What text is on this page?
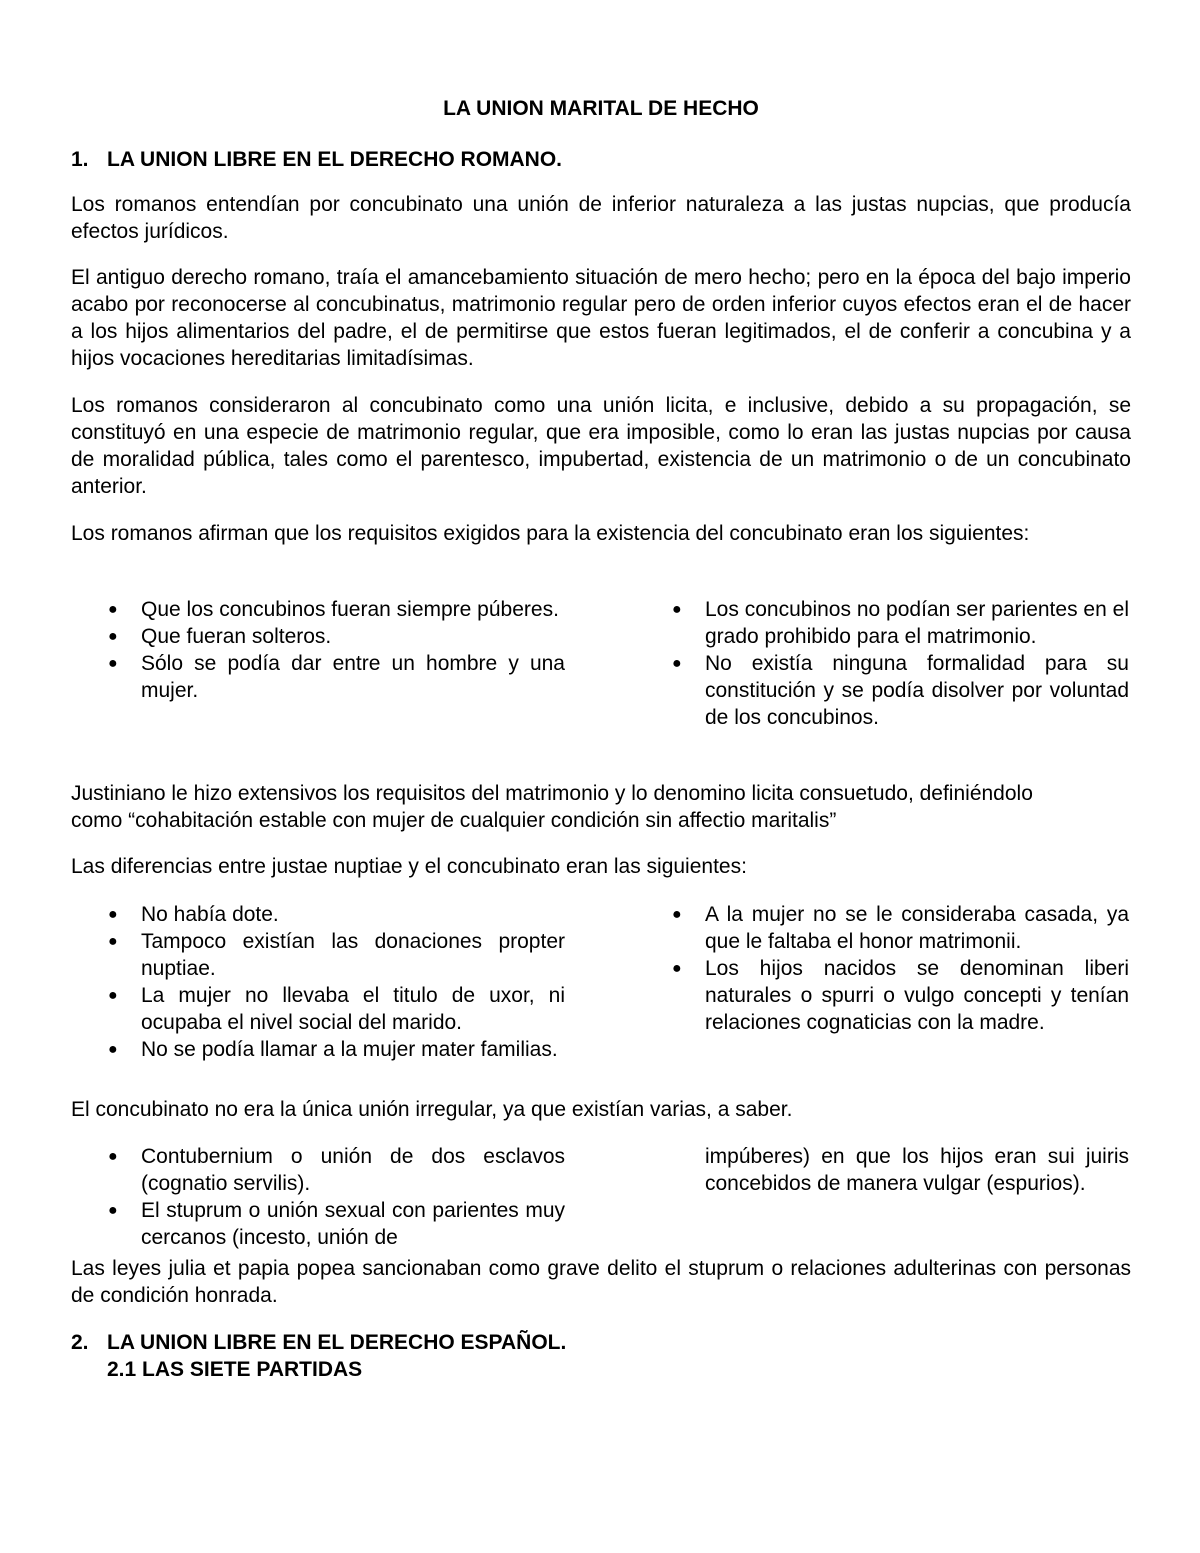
LA UNION MARITAL DE HECHO
1. LA UNION LIBRE EN EL DERECHO ROMANO.
Los romanos entendían por concubinato una unión de inferior naturaleza a las justas nupcias, que producía efectos jurídicos.
El antiguo derecho romano, traía el amancebamiento situación de mero hecho; pero en la época del bajo imperio acabo por reconocerse al concubinatus, matrimonio regular pero de orden inferior cuyos efectos eran el de hacer a los hijos alimentarios del padre, el de permitirse que estos fueran legitimados, el de conferir a concubina y a hijos vocaciones hereditarias limitadísimas.
Los romanos consideraron al concubinato como una unión licita, e inclusive, debido a su propagación, se constituyó en una especie de matrimonio regular, que era imposible, como lo eran las justas nupcias por causa de moralidad pública, tales como el parentesco, impubertad, existencia de un matrimonio o de un concubinato anterior.
Los romanos afirman que los requisitos exigidos para la existencia del concubinato eran los siguientes:
● Que los concubinos fueran siempre púberes.
● Que fueran solteros.
● Sólo se podía dar entre un hombre y una mujer.
● Los concubinos no podían ser parientes en el grado prohibido para el matrimonio.
● No existía ninguna formalidad para su constitución y se podía disolver por voluntad de los concubinos.
Justiniano le hizo extensivos los requisitos del matrimonio y lo denomino licita consuetudo, definiéndolo
como “cohabitación estable con mujer de cualquier condición sin affectio maritalis”
Las diferencias entre justae nuptiae y el concubinato eran las siguientes:
● No había dote.
● Tampoco existían las donaciones propter nuptiae.
● La mujer no llevaba el titulo de uxor, ni ocupaba el nivel social del marido.
● No se podía llamar a la mujer mater familias.
● A la mujer no se le consideraba casada, ya que le faltaba el honor matrimonii.
● Los hijos nacidos se denominan liberi naturales o spurri o vulgo concepti y tenían relaciones cognaticias con la madre.
El concubinato no era la única unión irregular, ya que existían varias, a saber.
● Contubernium o unión de dos esclavos (cognatio servilis).
● El stuprum o unión sexual con parientes muy cercanos (incesto, unión de
impúberes) en que los hijos eran sui juiris concebidos de manera vulgar (espurios).
Las leyes julia et papia popea sancionaban como grave delito el stuprum o relaciones adulterinas con personas de condición honrada.
2. LA UNION LIBRE EN EL DERECHO ESPAÑOL.
2.1 LAS SIETE PARTIDAS
